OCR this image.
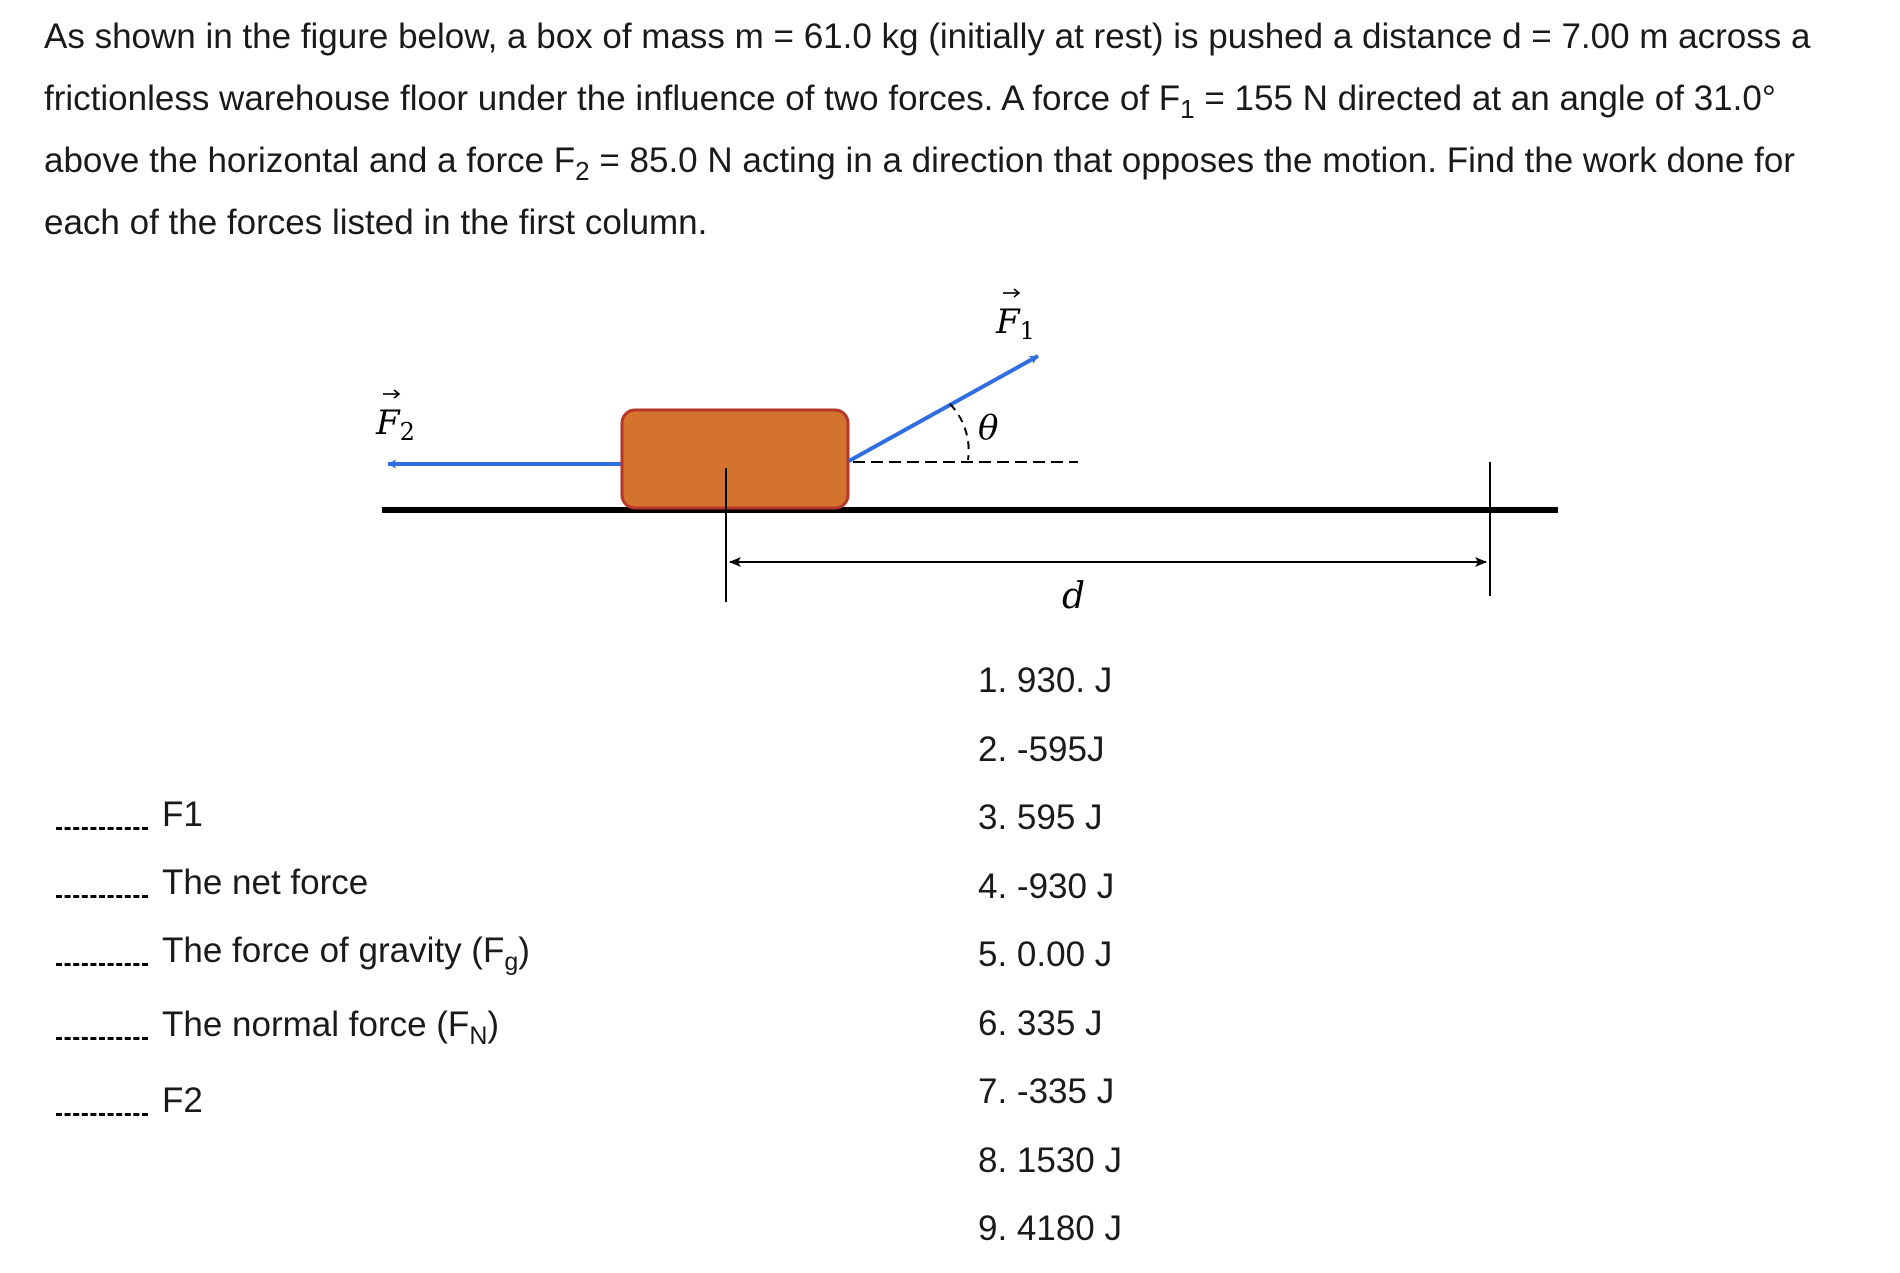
As shown in the figure below, a box of mass m = 61.0 kg (initially at rest) is pushed a distance d = 7.00 m across a frictionless warehouse floor under the influence of two forces. A force of $F_1 = 155$ N directed at an angle of 31.0° above the horizontal and a force $F_2 = 85.0$ N acting in a direction that opposes the motion. Find the work done for each of the forces listed in the first column.

F1
F2	θ
d
F1
The net force
The force of gravity $(F_g)$
The normal force $(F_N)$
F2
1. 930. J
2. -595J
3. 595 J
4. -930 J
5. 0.00 J
6. 335 J
7. -335 J
8. 1530 J
9. 4180 J
